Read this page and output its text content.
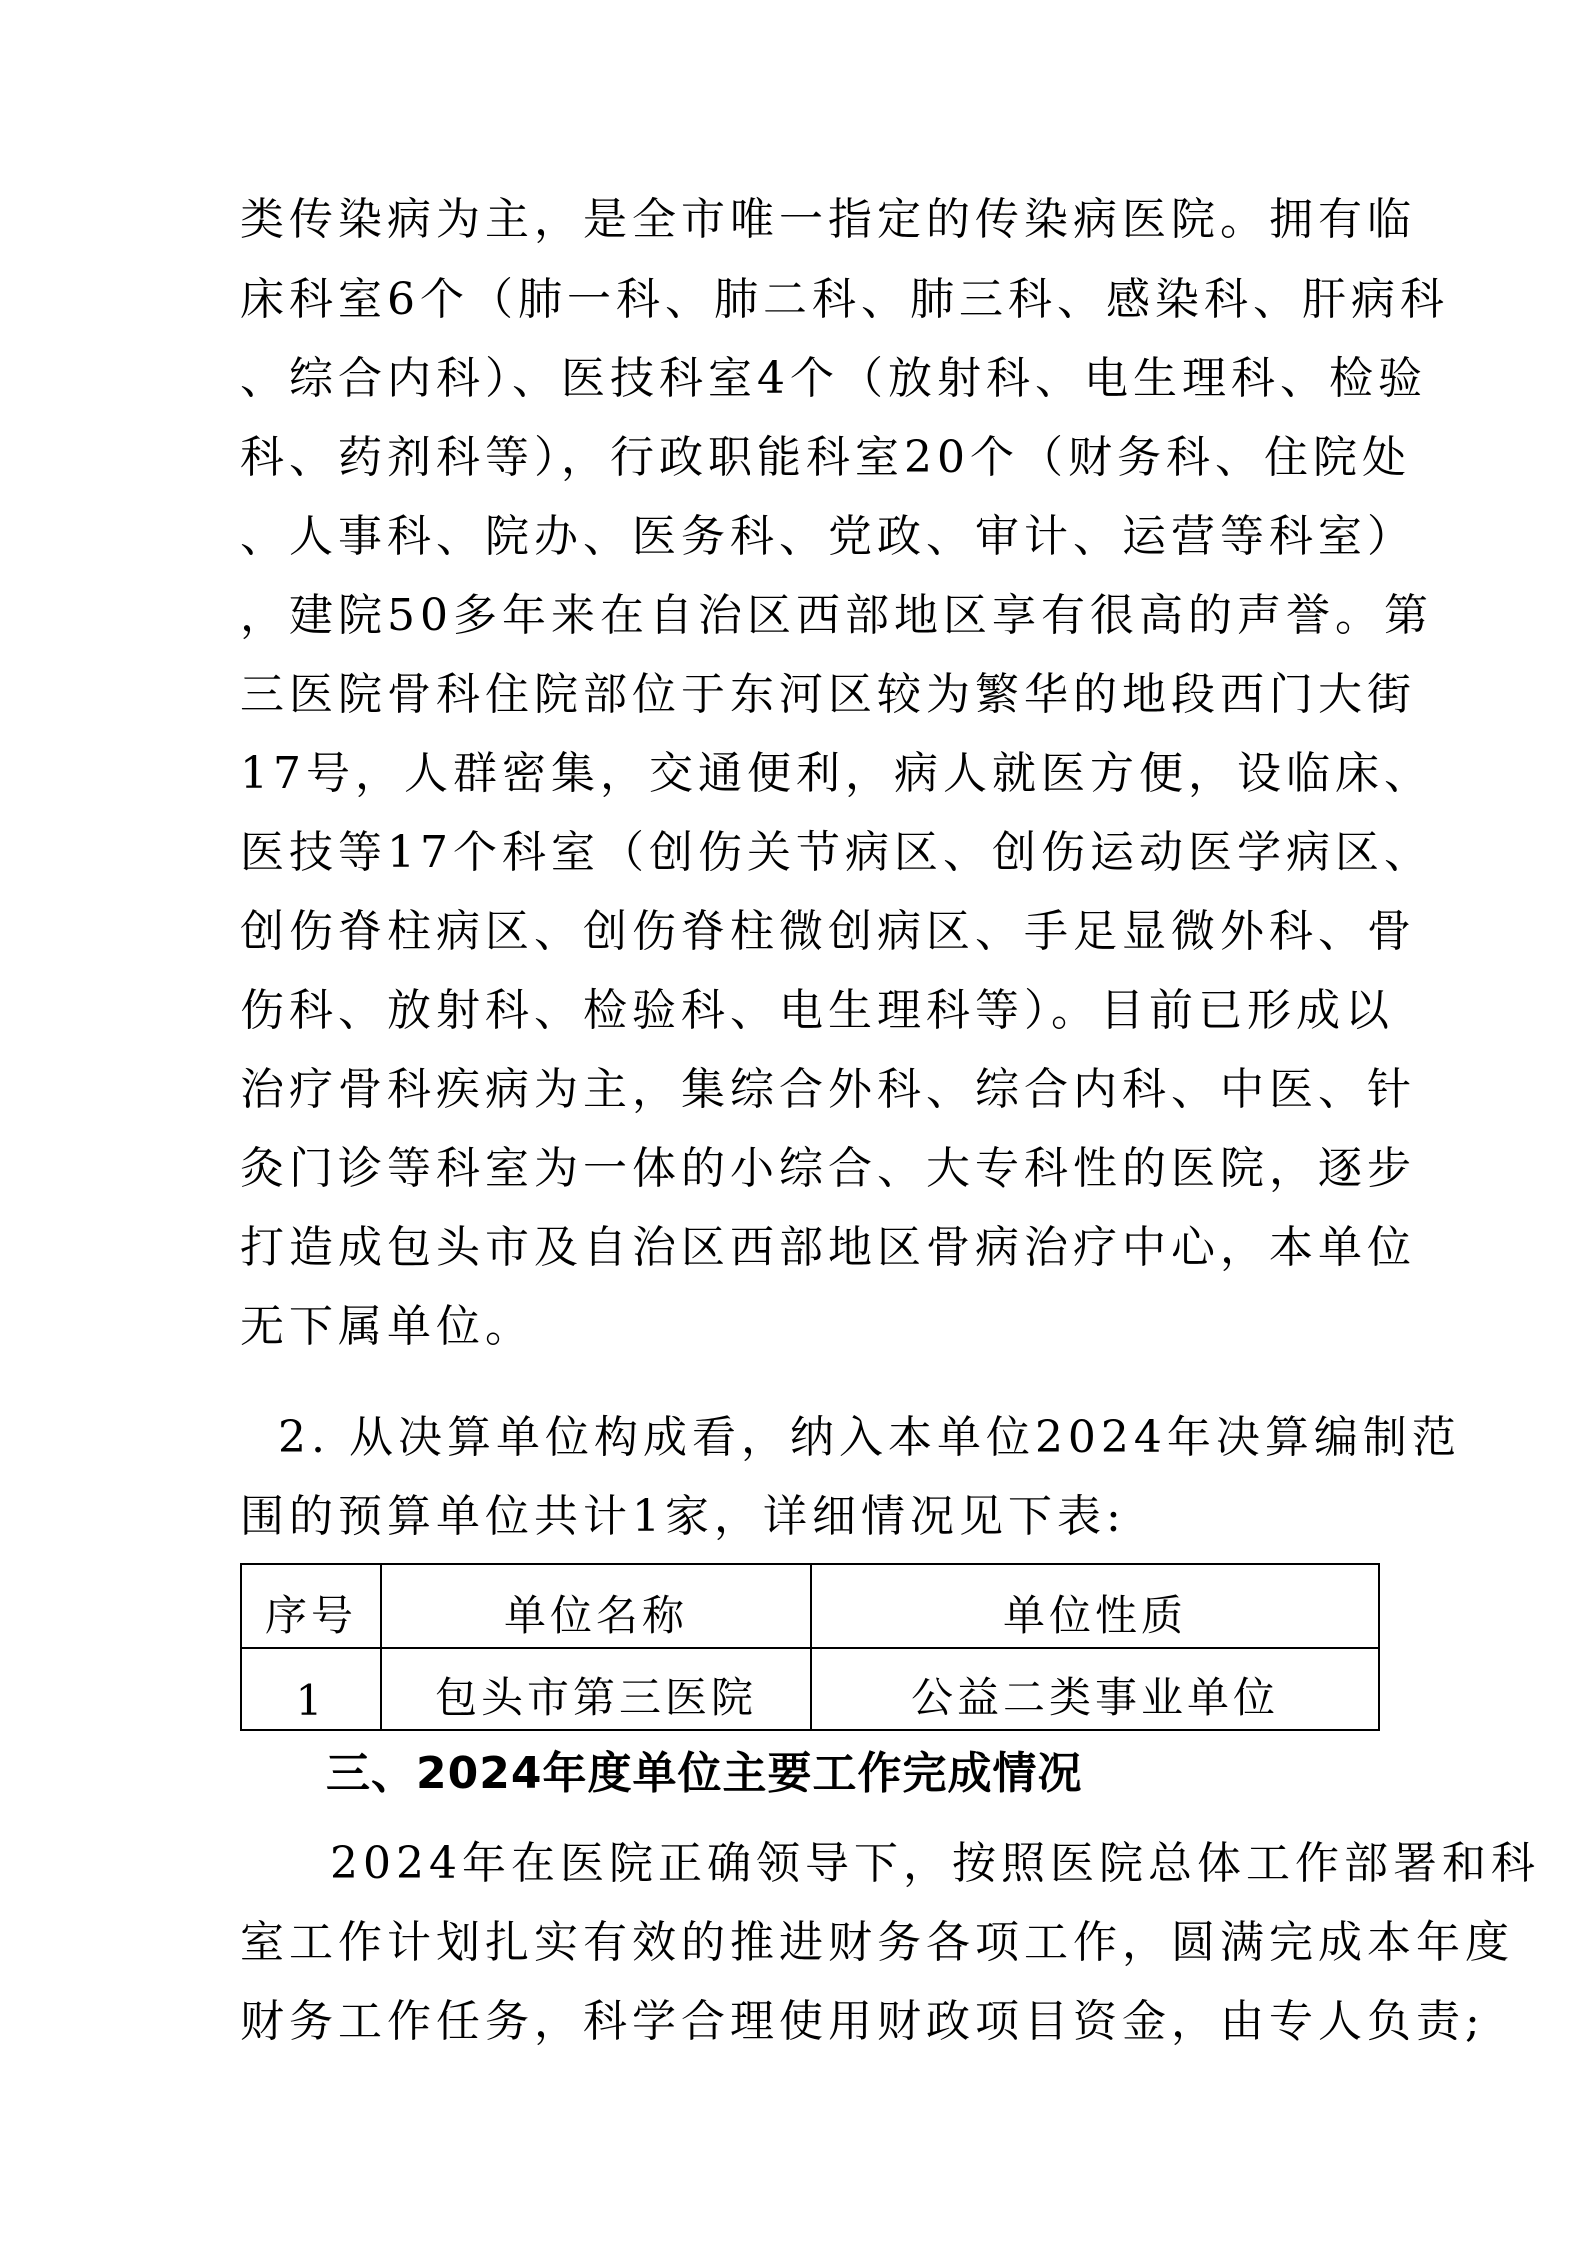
类传染病为主，是全市唯一指定的传染病医院。拥有临
床科室6个（肺一科、肺二科、肺三科、感染科、肝病科
、综合内科）、医技科室4个（放射科、电生理科、检验
科、药剂科等），行政职能科室20个（财务科、住院处
、人事科、院办、医务科、党政、审计、运营等科室）
，建院50多年来在自治区西部地区享有很高的声誉。第
三医院骨科住院部位于东河区较为繁华的地段西门大街
17号，人群密集，交通便利，病人就医方便，设临床、
医技等17个科室（创伤关节病区、创伤运动医学病区、
创伤脊柱病区、创伤脊柱微创病区、手足显微外科、骨
伤科、放射科、检验科、电生理科等）。目前已形成以
治疗骨科疾病为主，集综合外科、综合内科、中医、针
灸门诊等科室为一体的小综合、大专科性的医院，逐步
打造成包头市及自治区西部地区骨病治疗中心，本单位
无下属单位。
2. 从决算单位构成看，纳入本单位2024年决算编制范
围的预算单位共计1家，详细情况见下表:
序号	单位名称	单位性质
1	包头市第三医院	公益二类事业单位
三、2024年度单位主要工作完成情况
2024年在医院正确领导下，按照医院总体工作部署和科
室工作计划扎实有效的推进财务各项工作，圆满完成本年度
财务工作任务，科学合理使用财政项目资金，由专人负责;
